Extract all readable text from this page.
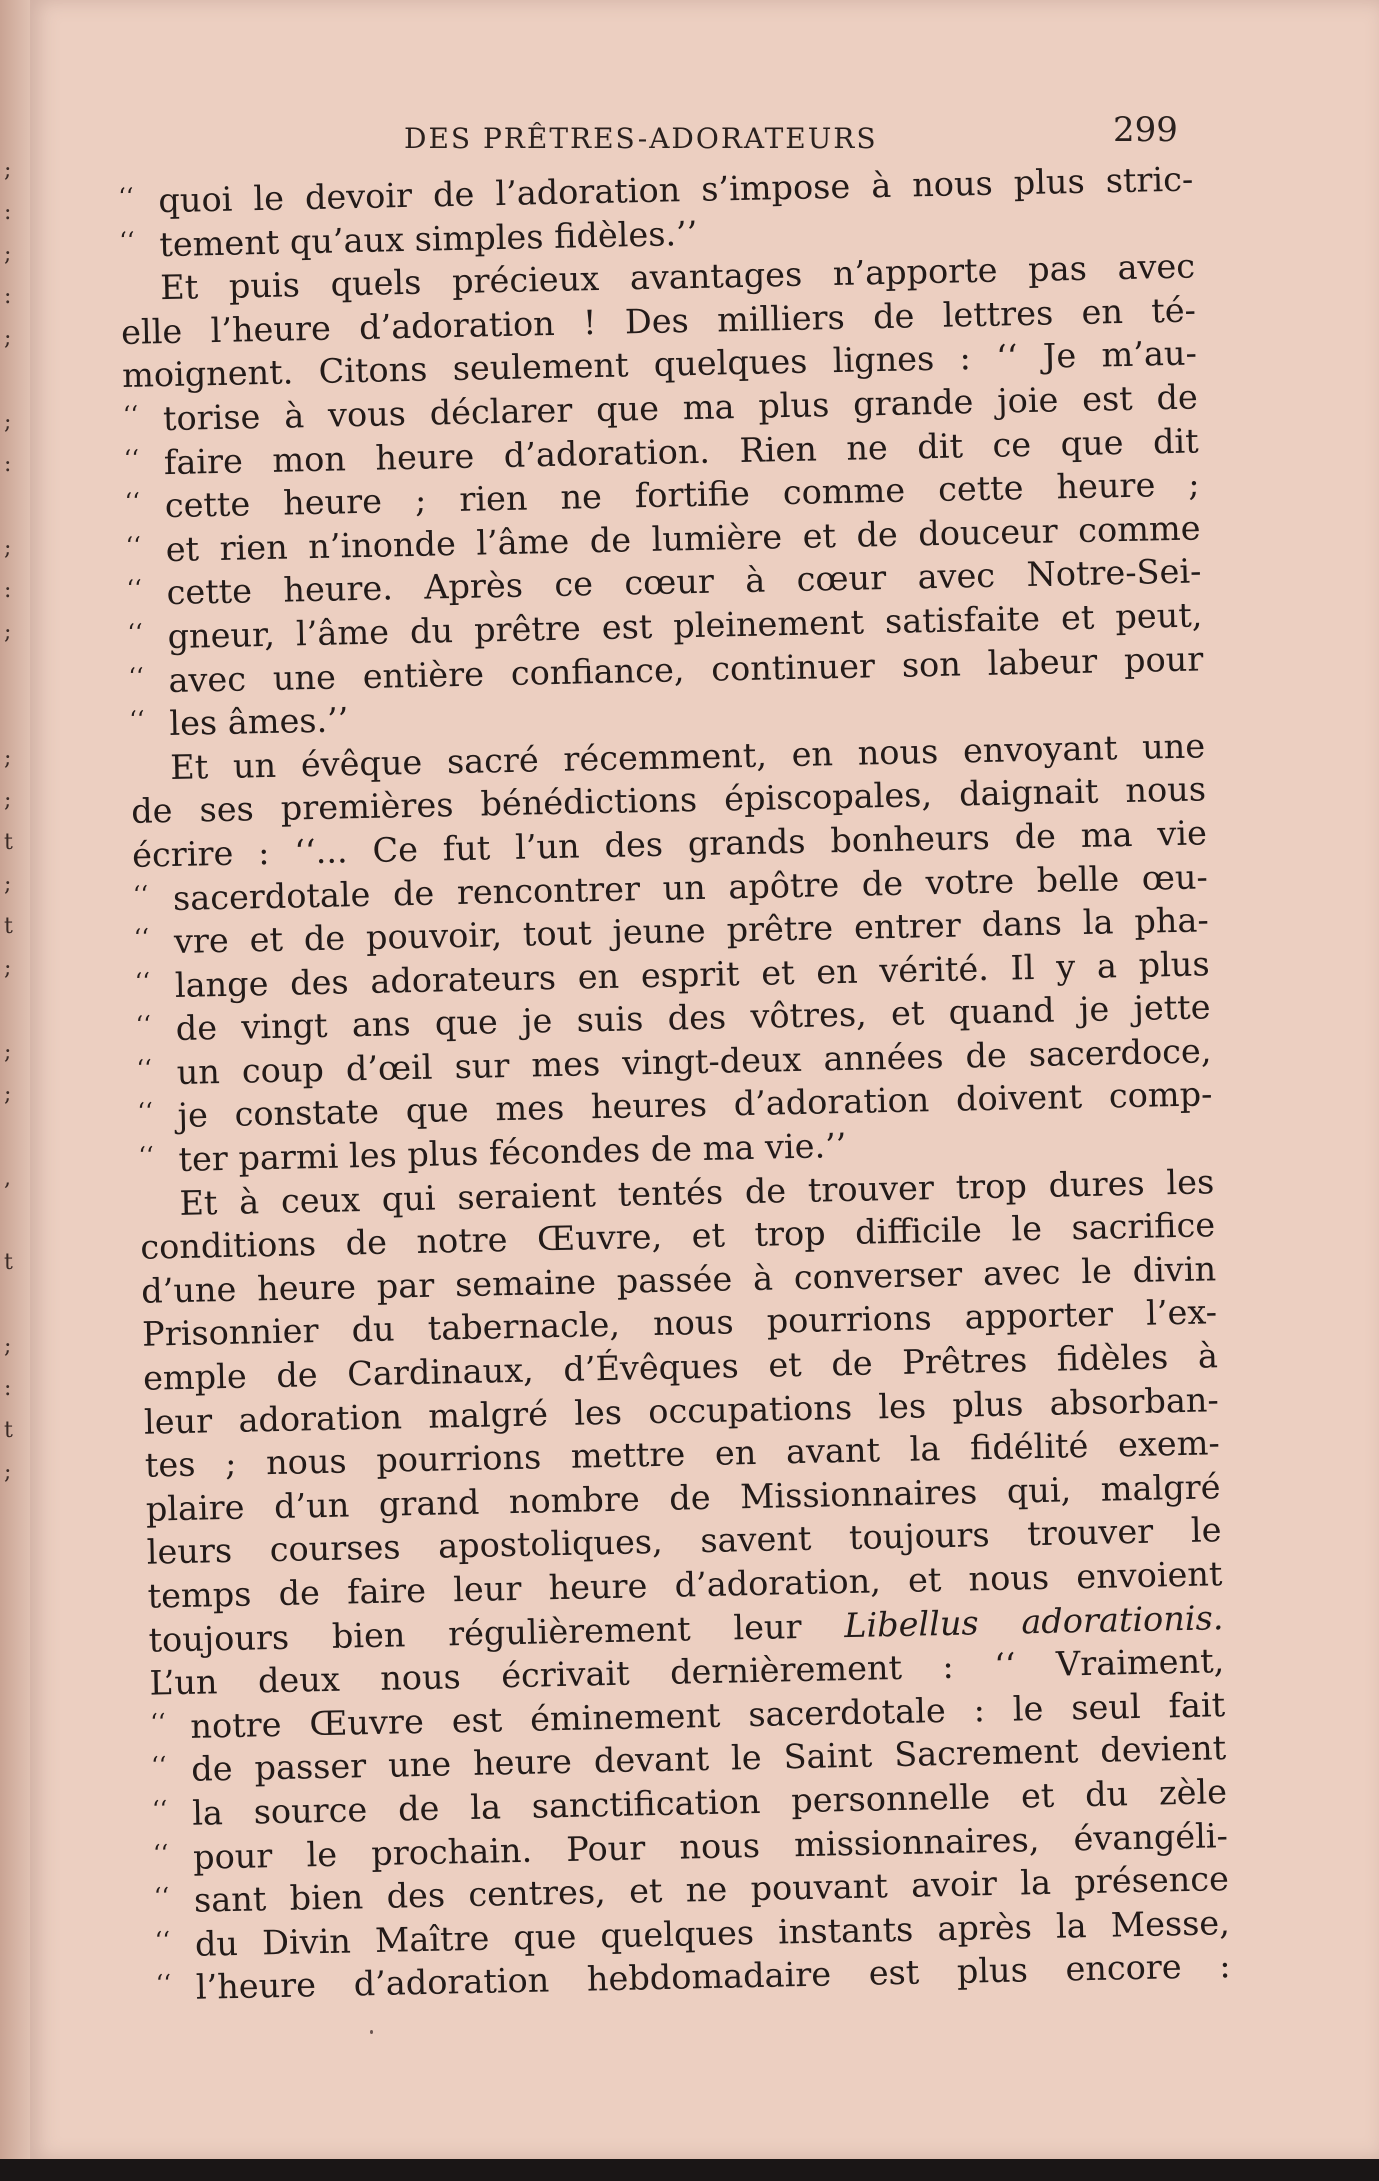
;
:
;
:
;
;
:
;
:
;
;
;
t
;
t
;
;
;
,
t
;
:
t
;
DES PRÊTRES-ADORATEURS	299
‘‘ quoi le devoir de l’adoration s’impose à nous plus stric-
‘‘ tement qu’aux simples fidèles.’’
Et puis quels précieux avantages n’apporte pas avec
elle l’heure d’adoration ! Des milliers de lettres en té-
moignent. Citons seulement quelques lignes : ‘‘ Je m’au-
‘‘ torise à vous déclarer que ma plus grande joie est de
‘‘ faire mon heure d’adoration. Rien ne dit ce que dit
‘‘ cette heure ; rien ne fortifie comme cette heure ;
‘‘ et rien n’inonde l’âme de lumière et de douceur comme
‘‘ cette heure. Après ce cœur à cœur avec Notre-Sei-
‘‘ gneur, l’âme du prêtre est pleinement satisfaite et peut,
‘‘ avec une entière confiance, continuer son labeur pour
‘‘ les âmes.’’
Et un évêque sacré récemment, en nous envoyant une
de ses premières bénédictions épiscopales, daignait nous
écrire : ‘‘... Ce fut l’un des grands bonheurs de ma vie
‘‘ sacerdotale de rencontrer un apôtre de votre belle œu-
‘‘ vre et de pouvoir, tout jeune prêtre entrer dans la pha-
‘‘ lange des adorateurs en esprit et en vérité. Il y a plus
‘‘ de vingt ans que je suis des vôtres, et quand je jette
‘‘ un coup d’œil sur mes vingt-deux années de sacerdoce,
‘‘ je constate que mes heures d’adoration doivent comp-
‘‘ ter parmi les plus fécondes de ma vie.’’
Et à ceux qui seraient tentés de trouver trop dures les
conditions de notre Œuvre, et trop difficile le sacrifice
d’une heure par semaine passée à converser avec le divin
Prisonnier du tabernacle, nous pourrions apporter l’ex-
emple de Cardinaux, d’Évêques et de Prêtres fidèles à
leur adoration malgré les occupations les plus absorban-
tes ; nous pourrions mettre en avant la fidélité exem-
plaire d’un grand nombre de Missionnaires qui, malgré
leurs courses apostoliques, savent toujours trouver le
temps de faire leur heure d’adoration, et nous envoient
toujours bien régulièrement leur Libellus adorationis.
L’un deux nous écrivait dernièrement : ‘‘ Vraiment,
‘‘ notre Œuvre est éminement sacerdotale : le seul fait
‘‘ de passer une heure devant le Saint Sacrement devient
‘‘ la source de la sanctification personnelle et du zèle
‘‘ pour le prochain. Pour nous missionnaires, évangéli-
‘‘ sant bien des centres, et ne pouvant avoir la présence
‘‘ du Divin Maître que quelques instants après la Messe,
‘‘ l’heure d’adoration hebdomadaire est plus encore :
